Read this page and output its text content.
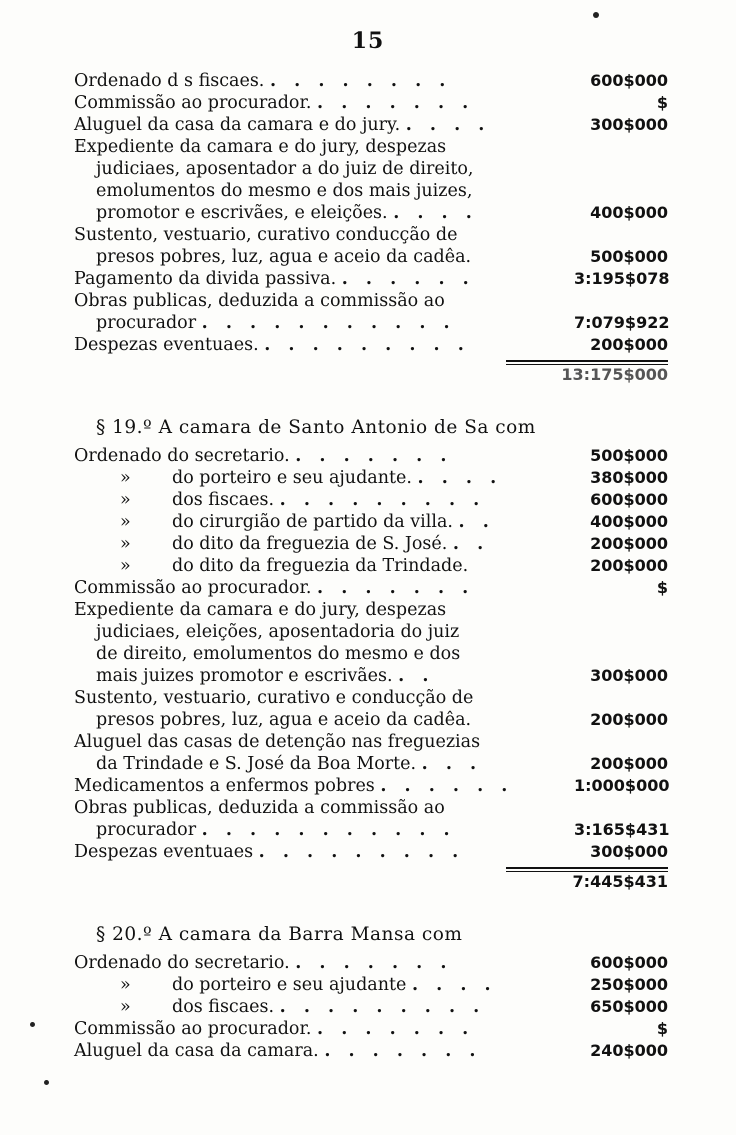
15
Ordenado d s fiscaes. . . . . . . . .	600$000
Commissão ao procurador. . . . . . . .	$
Aluguel da casa da camara e do jury. . . . .	300$000
Expediente da camara e do jury, despezas
judiciaes, aposentador a do juiz de direito,
emolumentos do mesmo e dos mais juizes,
promotor e escrivães, e eleições. . . . .	400$000
Sustento, vestuario, curativo conducção de
presos pobres, luz, agua e aceio da cadêa.	500$000
Pagamento da divida passiva. . . . . . .	3:195$078
Obras publicas, deduzida a commissão ao
procurador . . . . . . . . . . .	7:079$922
Despezas eventuaes. . . . . . . . . .	200$000
13:175$000

§ 19.º A camara de Santo Antonio de Sa com

Ordenado do secretario. . . . . . . .	500$000
» do porteiro e seu ajudante. . . . .	380$000
» dos fiscaes. . . . . . . . . .	600$000
» do cirurgião de partido da villa. . .	400$000
» do dito da freguezia de S. José. . .	200$000
» do dito da freguezia da Trindade.	200$000
Commissão ao procurador. . . . . . . .	$
Expediente da camara e do jury, despezas
judiciaes, eleições, aposentadoria do juiz
de direito, emolumentos do mesmo e dos
mais juizes promotor e escrivães. . .	300$000
Sustento, vestuario, curativo e conducção de
presos pobres, luz, agua e aceio da cadêa.	200$000
Aluguel das casas de detenção nas freguezias
da Trindade e S. José da Boa Morte. . . .	200$000
Medicamentos a enfermos pobres . . . . . .	1:000$000
Obras publicas, deduzida a commissão ao
procurador . . . . . . . . . . .	3:165$431
Despezas eventuaes . . . . . . . . .	300$000
7:445$431

§ 20.º A camara da Barra Mansa com

Ordenado do secretario. . . . . . . .	600$000
» do porteiro e seu ajudante . . . .	250$000
» dos fiscaes. . . . . . . . . .	650$000
Commissão ao procurador. . . . . . . .	$
Aluguel da casa da camara. . . . . . . .	240$000
